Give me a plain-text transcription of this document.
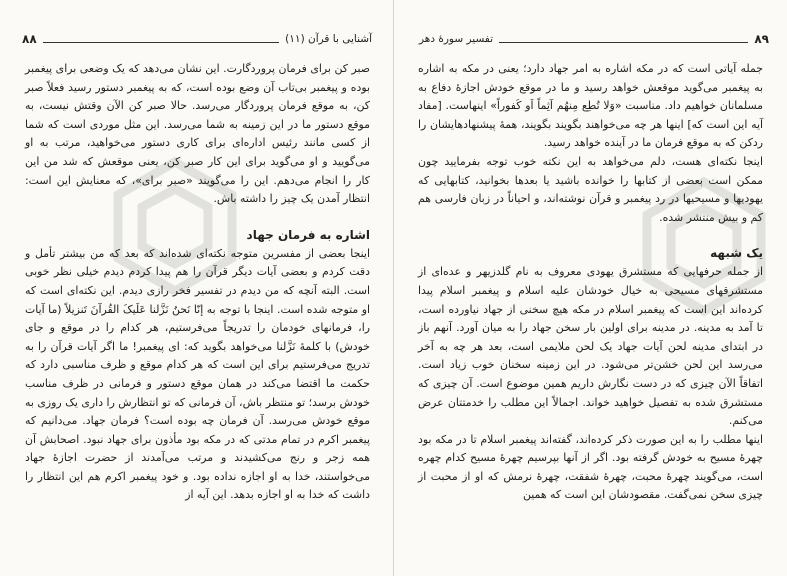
۸۸	آشنایی با قرآن (۱۱)

صبر کن برای فرمان پروردگارت. این نشان می‌دهد که یک وضعی برای پیغمبر بوده و پیغمبر بی‌تاب آن وضع بوده است، که به پیغمبر دستور رسید فعلاً صبر کن، به موقع فرمان پروردگار می‌رسد. حالا صبر کن الآن وقتش نیست، به موقع دستور ما در این زمینه به شما می‌رسد. این مثل موردی است که شما از کسی مانند رئیس اداره‌ای برای کاری دستور می‌خواهید، مرتب به او می‌گویید و او می‌گوید برای این کار صبر کن، یعنی موقعش که شد من این کار را انجام می‌دهم. این را می‌گویند «صبر برای»، که معنایش این است: انتظار آمدن یک چیز را داشته باش.

اشاره به فرمان جهاد

اینجا بعضی از مفسرین متوجه نکته‌ای شده‌اند که بعد که من بیشتر تأمل و دقت کردم و بعضی آیات دیگر قرآن را هم پیدا کردم دیدم خیلی نظر خوبی است. البته آنچه که من دیدم در تفسیر فخر رازی دیدم. این نکته‌ای است که او متوجه شده است. اینجا با توجه به إنّا نَحنُ نَزَّلنا عَلَیکَ القُرآنَ تَنزیلاً (ما آیات را، فرمانهای خودمان را تدریجاً می‌فرستیم، هر کدام را در موقع و جای خودش) با کلمهٔ نَزَّلنا می‌خواهد بگوید که: ای پیغمبر! ما اگر آیات قرآن را به تدریج می‌فرستیم برای این است که هر کدام موقع و ظرف مناسبی دارد که حکمت ما اقتضا می‌کند در همان موقع دستور و فرمانی در ظرف مناسب خودش برسد؛ تو منتظر باش، آن فرمانی که تو انتظارش را داری یک روزی به موقع خودش می‌رسد. آن فرمان چه بوده است؟ فرمان جهاد. می‌دانیم که پیغمبر اکرم در تمام مدتی که در مکه بود مأذون برای جهاد نبود. اصحابش آن همه زجر و رنج می‌کشیدند و مرتب می‌آمدند از حضرت اجازهٔ جهاد می‌خواستند، خدا به او اجازه نداده بود. و خود پیغمبر اکرم هم این انتظار را داشت که خدا به او اجازه بدهد. این آیه از

تفسیر سورهٔ دهر	۸۹

جمله آیاتی است که در مکه اشاره به امر جهاد دارد؛ یعنی در مکه به اشاره به پیغمبر می‌گوید موقعش خواهد رسید و ما در موقع خودش اجازهٔ دفاع به مسلمانان خواهیم داد. مناسبت «وَلا تُطِع مِنهُم آثِماً اَو کَفوراً» اینهاست. [مفاد آیه این است که] اینها هر چه می‌خواهند بگویند بگویند، همهٔ پیشنهادهایشان را ردکن که به موقع فرمان ما در آینده خواهد رسید.

اینجا نکته‌ای هست، دلم می‌خواهد به این نکته خوب توجه بفرمایید چون ممکن است بعضی از کتابها را خوانده باشید یا بعدها بخوانید، کتابهایی که یهودیها و مسیحیها در رد پیغمبر و قرآن نوشته‌اند، و احیاناً در زبان فارسی هم کم و بیش منتشر شده.

یک شبهه

از جمله حرفهایی که مستشرق یهودی معروف به نام گلدزیهر و عده‌ای از مستشرقهای مسیحی به خیال خودشان علیه اسلام و پیغمبر اسلام پیدا کرده‌اند این است که پیغمبر اسلام در مکه هیچ سخنی از جهاد نیاورده است، تا آمد به مدینه. در مدینه برای اولین بار سخن جهاد را به میان آورد. آنهم باز در ابتدای مدینه لحن آیات جهاد یک لحن ملایمی است، بعد هر چه به آخر می‌رسد این لحن خشن‌تر می‌شود. در این زمینه سخنان خوب زیاد است. اتفاقاً الآن چیزی که در دست نگارش داریم همین موضوع است. آن چیزی که مستشرق شده به تفصیل خواهید خواند. اجمالاً این مطلب را خدمتتان عرض می‌کنم.

اینها مطلب را به این صورت ذکر کرده‌اند، گفته‌اند پیغمبر اسلام تا در مکه بود چهرهٔ مسیح به خودش گرفته بود. اگر از آنها بپرسیم چهرهٔ مسیح کدام چهره است، می‌گویند چهرهٔ محبت، چهرهٔ شفقت، چهرهٔ نرمش که او از محبت از چیزی سخن نمی‌گفت. مقصودشان این است که همین
